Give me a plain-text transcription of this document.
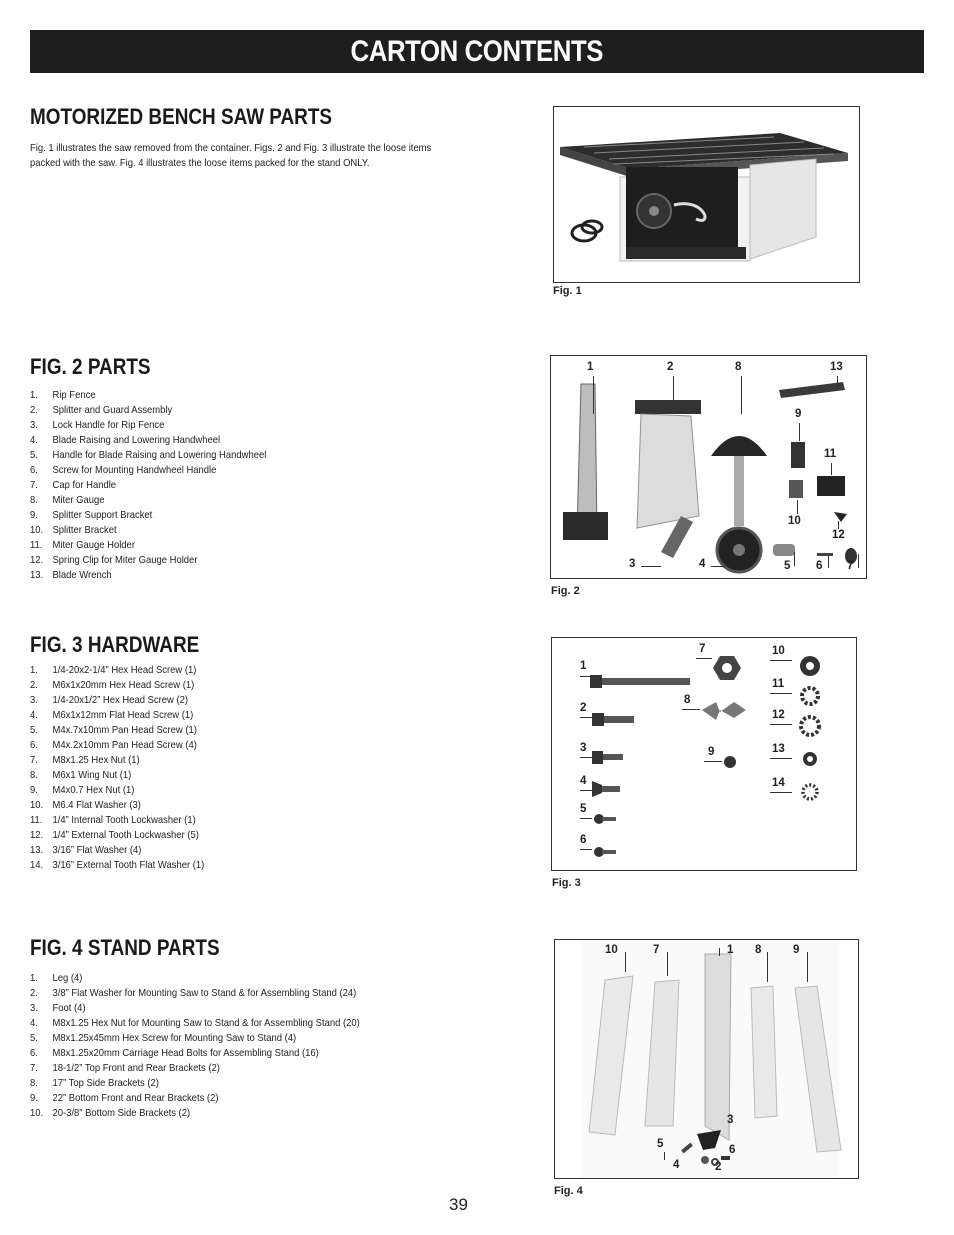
CARTON CONTENTS
MOTORIZED BENCH SAW PARTS
Fig. 1 illustrates the saw removed from the container. Figs. 2 and Fig. 3 illustrate the loose items packed with the saw. Fig. 4 illustrates the loose items packed for the stand ONLY.
Fig. 1
FIG. 2 PARTS
1.	Rip Fence
2.	Splitter and Guard Assembly
3.	Lock Handle for Rip Fence
4.	Blade Raising and Lowering Handwheel
5.	Handle for Blade Raising and Lowering Handwheel
6.	Screw for Mounting Handwheel Handle
7.	Cap for Handle
8.	Miter Gauge
9.	Splitter Support Bracket
10. Splitter Bracket
11. Miter Gauge Holder
12. Spring Clip for Miter Gauge Holder
13. Blade Wrench
1	2	8	13
9
11
10
12
3	4	5 6 7
Fig. 2
FIG. 3 HARDWARE
1.	1/4-20x2-1/4” Hex Head Screw (1)
2.	M6x1x20mm Hex Head Screw (1)
3.	1/4-20x1/2” Hex Head Screw (2)
4.	M6x1x12mm Flat Head Screw (1)
5.	M4x.7x10mm Pan Head Screw (1)
6.	M4x.2x10mm Pan Head Screw (4)
7.	M8x1.25 Hex Nut (1)
8.	M6x1 Wing Nut (1)
9.	M4x0.7 Hex Nut (1)
10. M6.4 Flat Washer (3)
11. 1/4” Internal Tooth Lockwasher (1)
12. 1/4” External Tooth Lockwasher (5)
13. 3/16” Flat Washer (4)
14. 3/16” External Tooth Flat Washer (1)
1
2
3
4
5
6
7
8
9
10
11
12
13
14
Fig. 3
FIG. 4 STAND PARTS
1.	Leg (4)
2.	3/8” Flat Washer for Mounting Saw to Stand & for Assembling Stand (24)
3.	Foot (4)
4.	M8x1.25 Hex Nut for Mounting Saw to Stand & for Assembling Stand (20)
5.	M8x1.25x45mm Hex Screw for Mounting Saw to Stand (4)
6.	M8x1.25x20mm Carriage Head Bolts for Assembling Stand (16)
7.	18-1/2” Top Front and Rear Brackets (2)
8.	17” Top Side Brackets (2)
9.	22” Bottom Front and Rear Brackets (2)
10. 20-3/8” Bottom Side Brackets (2)
10	7	1 8	9
3
5	6
4	2
Fig. 4
39
